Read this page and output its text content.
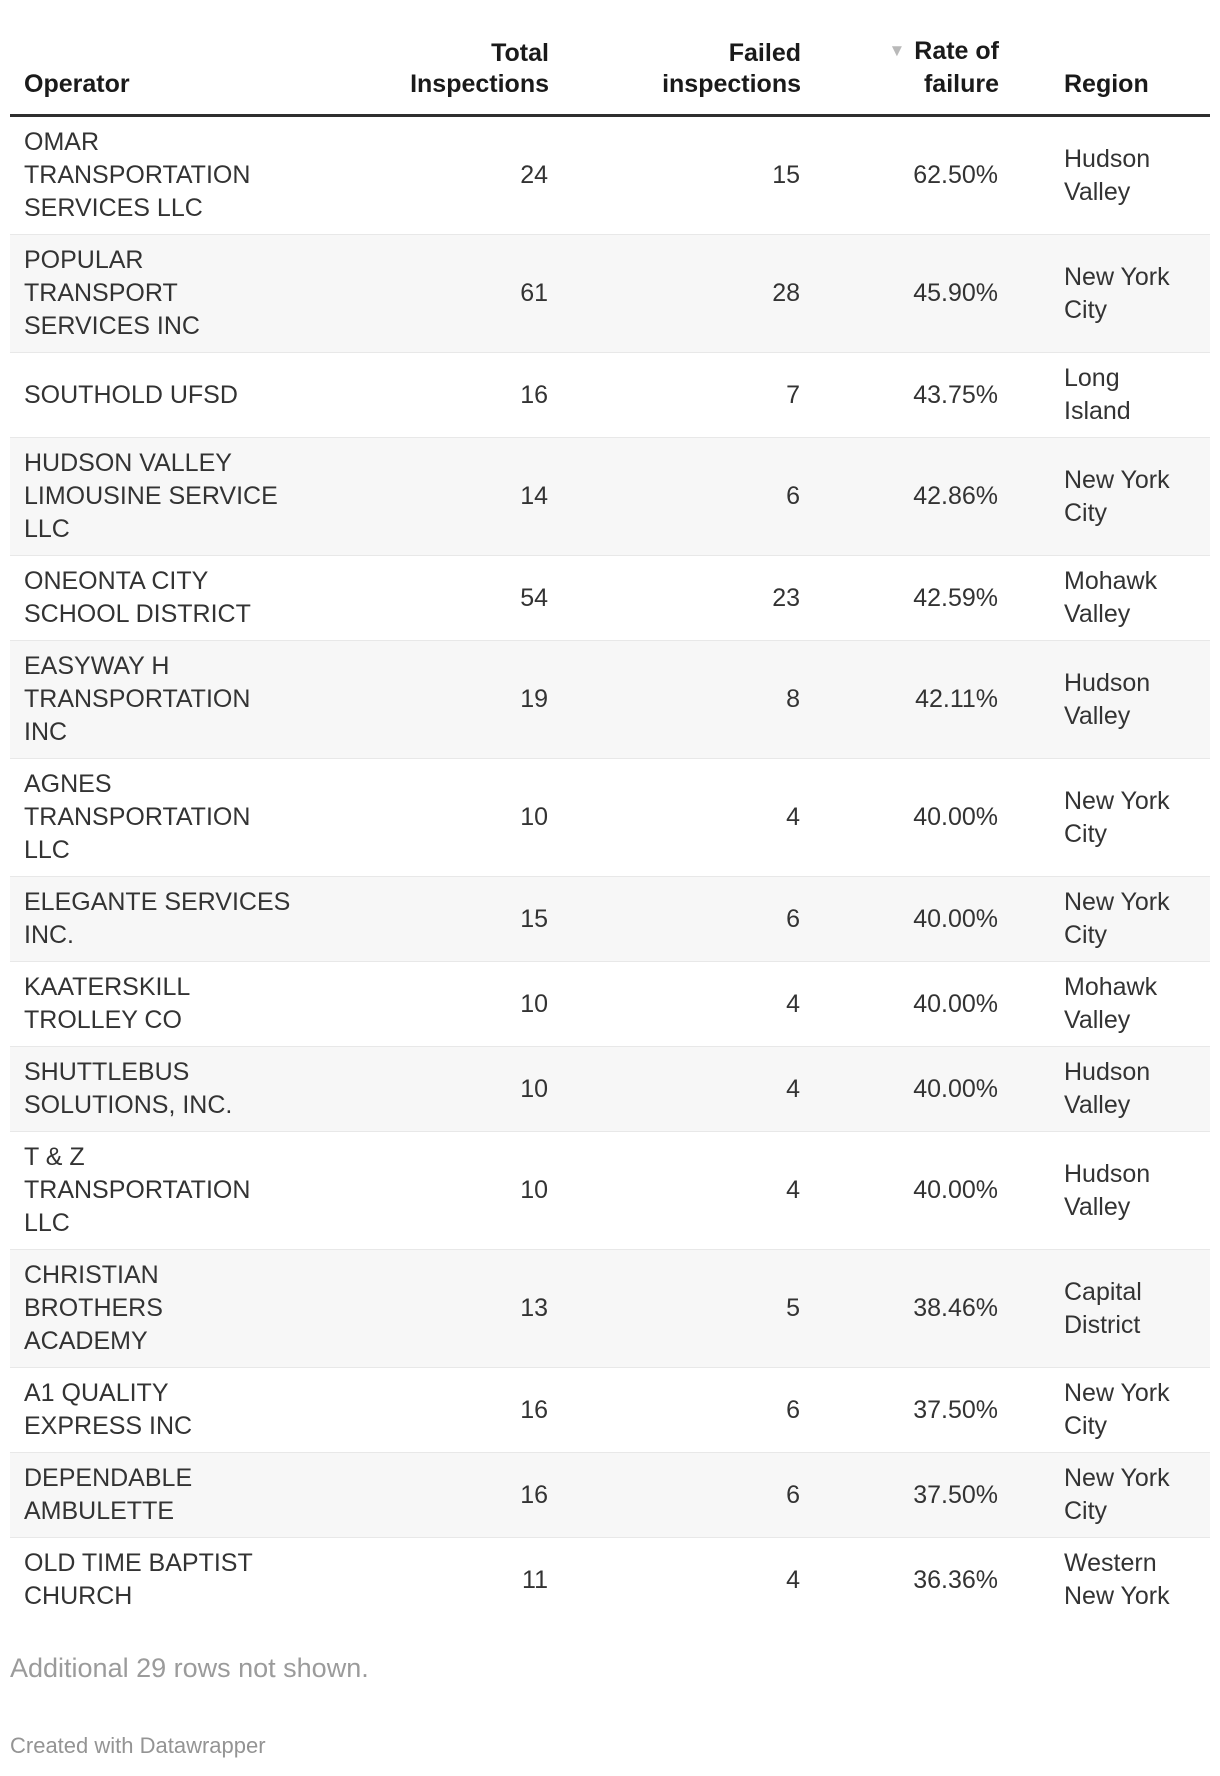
Operator	Total Inspections	Failed inspections	▼ Rate of failure	Region
OMAR TRANSPORTATION SERVICES LLC	24	15	62.50%	Hudson Valley
POPULAR TRANSPORT SERVICES INC	61	28	45.90%	New York City
SOUTHOLD UFSD	16	7	43.75%	Long Island
HUDSON VALLEY LIMOUSINE SERVICE LLC	14	6	42.86%	New York City
ONEONTA CITY SCHOOL DISTRICT	54	23	42.59%	Mohawk Valley
EASYWAY H TRANSPORTATION INC	19	8	42.11%	Hudson Valley
AGNES TRANSPORTATION LLC	10	4	40.00%	New York City
ELEGANTE SERVICES INC.	15	6	40.00%	New York City
KAATERSKILL TROLLEY CO	10	4	40.00%	Mohawk Valley
SHUTTLEBUS SOLUTIONS, INC.	10	4	40.00%	Hudson Valley
T & Z TRANSPORTATION LLC	10	4	40.00%	Hudson Valley
CHRISTIAN BROTHERS ACADEMY	13	5	38.46%	Capital District
A1 QUALITY EXPRESS INC	16	6	37.50%	New York City
DEPENDABLE AMBULETTE	16	6	37.50%	New York City
OLD TIME BAPTIST CHURCH	11	4	36.36%	Western New York
Additional 29 rows not shown.
Created with Datawrapper
